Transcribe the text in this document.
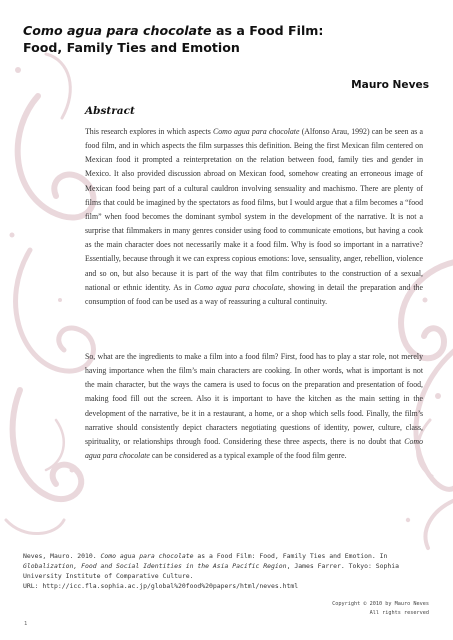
Como agua para chocolate as a Food Film:
Food, Family Ties and Emotion
Mauro Neves
Abstract

This research explores in which aspects Como agua para chocolate (Alfonso Arau, 1992) can be seen as a food film, and in which aspects the film surpasses this definition. Being the first Mexican film centered on Mexican food it prompted a reinterpretation on the relation between food, family ties and gender in Mexico. It also provided discussion abroad on Mexican food, somehow creating an erroneous image of Mexican food being part of a cultural cauldron involving sensuality and machismo. There are plenty of films that could be imagined by the spectators as food films, but I would argue that a film becomes a “food film” when food becomes the dominant symbol system in the development of the narrative. It is not a surprise that filmmakers in many genres consider using food to communicate emotions, but having a cook as the main character does not necessarily make it a food film. Why is food so important in a narrative? Essentially, because through it we can express copious emotions: love, sensuality, anger, rebellion, violence and so on, but also because it is part of the way that film contributes to the construction of a sexual, national or ethnic identity. As in Como agua para chocolate, showing in detail the preparation and the consumption of food can be used as a way of reassuring a cultural continuity.

So, what are the ingredients to make a film into a food film? First, food has to play a star role, not merely having importance when the film’s main characters are cooking. In other words, what is important is not the main character, but the ways the camera is used to focus on the preparation and presentation of food, making food fill out the screen. Also it is important to have the kitchen as the main setting in the development of the narrative, be it in a restaurant, a home, or a shop which sells food. Finally, the film’s narrative should consistently depict characters negotiating questions of identity, power, culture, class, spirituality, or relationships through food. Considering these three aspects, there is no doubt that Como agua para chocolate can be considered as a typical example of the food film genre.

Neves, Mauro. 2010. Como agua para chocolate as a Food Film: Food, Family Ties and Emotion. In Globalization, Food and Social Identities in the Asia Pacific Region, James Farrer. Tokyo: Sophia University Institute of Comparative Culture.
URL: http://icc.fla.sophia.ac.jp/global%20food%20papers/html/neves.html
Copyright © 2010 by Mauro Neves
All rights reserved
1
